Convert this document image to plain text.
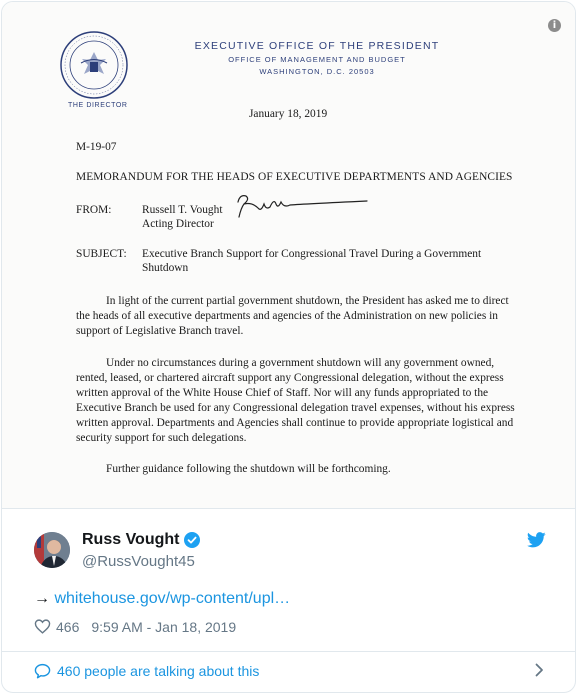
i
THE DIRECTOR
EXECUTIVE OFFICE OF THE PRESIDENT
OFFICE OF MANAGEMENT AND BUDGET
WASHINGTON, D.C. 20503
January 18, 2019
M-19-07
MEMORANDUM FOR THE HEADS OF EXECUTIVE DEPARTMENTS AND AGENCIES
FROM:	Russell T. Vought
Acting Director
SUBJECT: Executive Branch Support for Congressional Travel During a Government
Shutdown
In light of the current partial government shutdown, the President has asked me to direct
the heads of all executive departments and agencies of the Administration on new policies in
support of Legislative Branch travel.
Under no circumstances during a government shutdown will any government owned,
rented, leased, or chartered aircraft support any Congressional delegation, without the express
written approval of the White House Chief of Staff. Nor will any funds appropriated to the
Executive Branch be used for any Congressional delegation travel expenses, without his express
written approval. Departments and Agencies shall continue to provide appropriate logistical and
security support for such delegations.
Further guidance following the shutdown will be forthcoming.
Russ Vought
@RussVought45
→ whitehouse.gov/wp-content/upl…
466 9:59 AM - Jan 18, 2019
460 people are talking about this
